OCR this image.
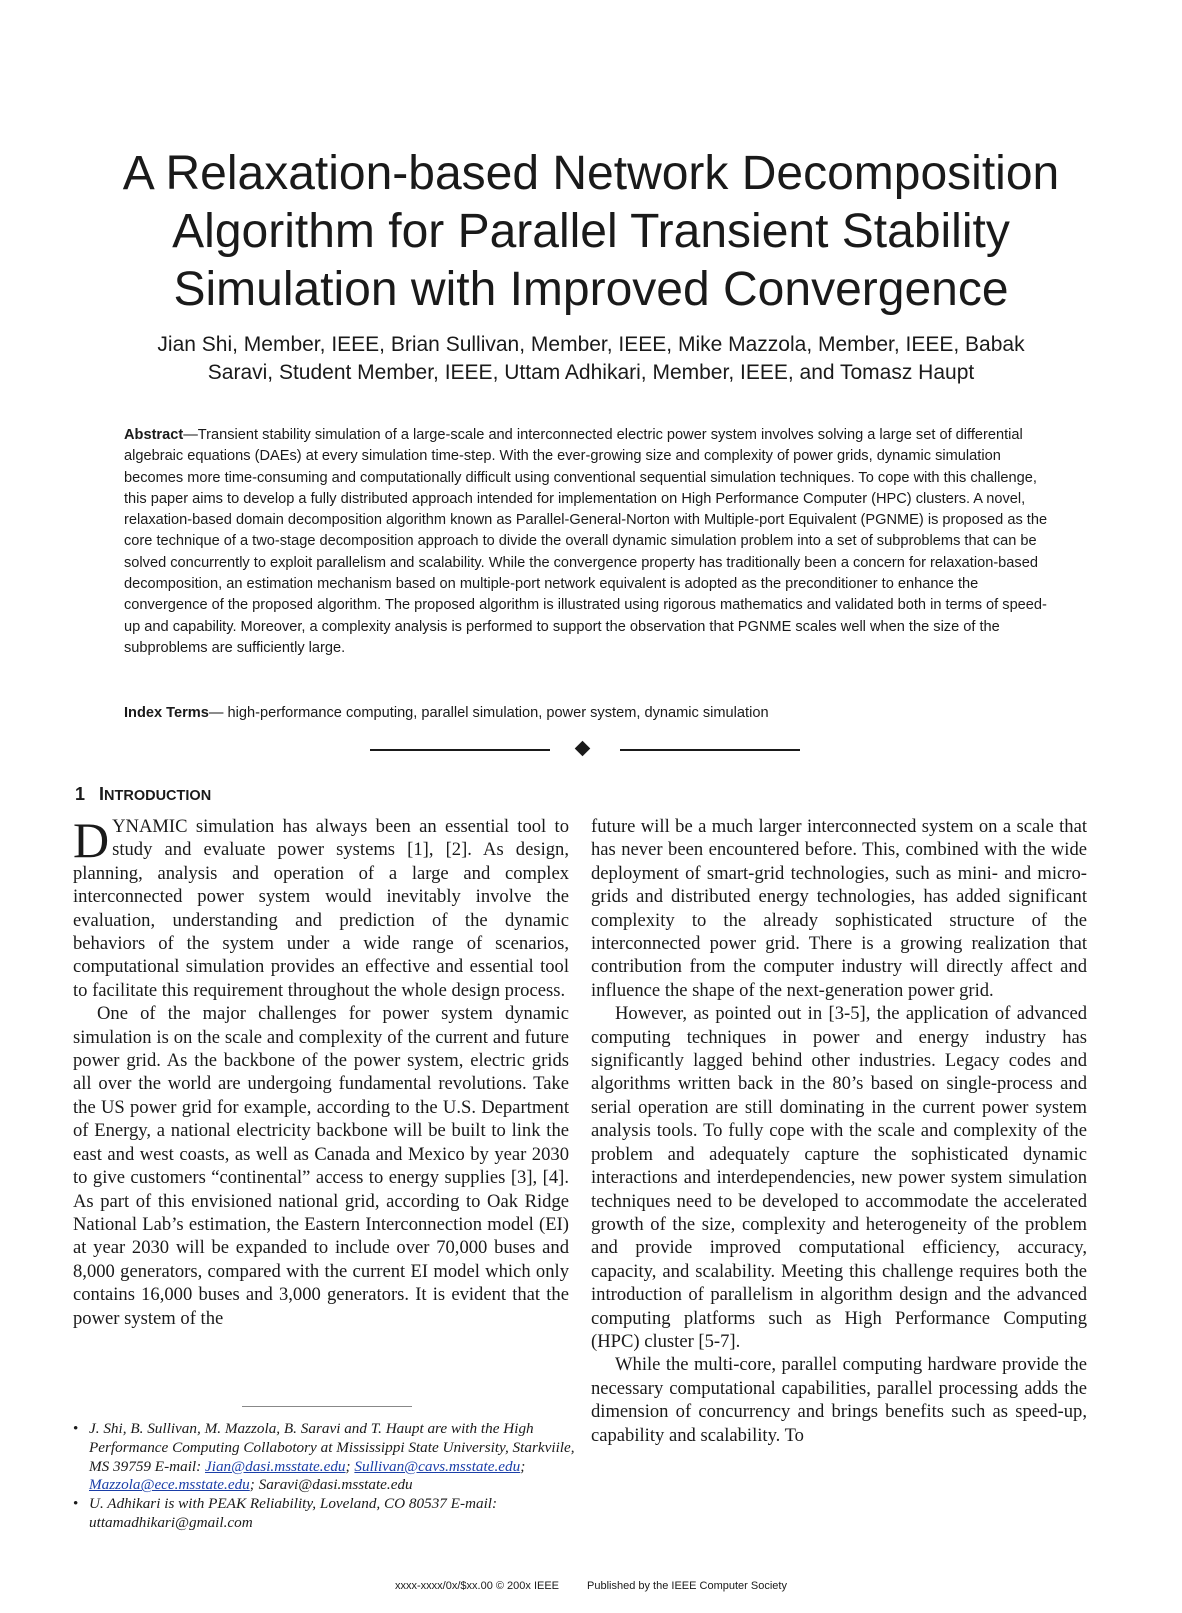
A Relaxation-based Network Decomposition
Algorithm for Parallel Transient Stability
Simulation with Improved Convergence
Jian Shi, Member, IEEE, Brian Sullivan, Member, IEEE, Mike Mazzola, Member, IEEE, Babak
Saravi, Student Member, IEEE, Uttam Adhikari, Member, IEEE, and Tomasz Haupt

Abstract—Transient stability simulation of a large-scale and interconnected electric power system involves solving a large set of differential algebraic equations (DAEs) at every simulation time-step. With the ever-growing size and complexity of power grids, dynamic simulation becomes more time-consuming and computationally difficult using conventional sequential simulation techniques. To cope with this challenge, this paper aims to develop a fully distributed approach intended for implementation on High Performance Computer (HPC) clusters. A novel, relaxation-based domain decomposition algorithm known as Parallel-General-Norton with Multiple-port Equivalent (PGNME) is proposed as the core technique of a two-stage decomposition approach to divide the overall dynamic simulation problem into a set of subproblems that can be solved concurrently to exploit parallelism and scalability. While the convergence property has traditionally been a concern for relaxation-based decomposition, an estimation mechanism based on multiple-port network equivalent is adopted as the preconditioner to enhance the convergence of the proposed algorithm. The proposed algorithm is illustrated using rigorous mathematics and validated both in terms of speed-up and capability. Moreover, a complexity analysis is performed to support the observation that PGNME scales well when the size of the subproblems are sufficiently large.

Index Terms— high-performance computing, parallel simulation, power system, dynamic simulation

1 INTRODUCTION

DYNAMIC simulation has always been an essential tool to study and evaluate power systems [1], [2]. As design, planning, analysis and operation of a large and complex interconnected power system would inevitably involve the evaluation, understanding and prediction of the dynamic behaviors of the system under a wide range of scenarios, computational simulation provides an effective and essential tool to facilitate this requirement throughout the whole design process.

One of the major challenges for power system dynamic simulation is on the scale and complexity of the current and future power grid. As the backbone of the power system, electric grids all over the world are undergoing fundamental revolutions. Take the US power grid for example, according to the U.S. Department of Energy, a national electricity backbone will be built to link the east and west coasts, as well as Canada and Mexico by year 2030 to give customers “continental” access to energy supplies [3], [4]. As part of this envisioned national grid, according to Oak Ridge National Lab’s estimation, the Eastern Interconnection model (EI) at year 2030 will be expanded to include over 70,000 buses and 8,000 generators, compared with the current EI model which only contains 16,000 buses and 3,000 generators. It is evident that the power system of the

future will be a much larger interconnected system on a scale that has never been encountered before. This, combined with the wide deployment of smart-grid technologies, such as mini- and micro-grids and distributed energy technologies, has added significant complexity to the already sophisticated structure of the interconnected power grid. There is a growing realization that contribution from the computer industry will directly affect and influence the shape of the next-generation power grid.

However, as pointed out in [3-5], the application of advanced computing techniques in power and energy industry has significantly lagged behind other industries. Legacy codes and algorithms written back in the 80’s based on single-process and serial operation are still dominating in the current power system analysis tools. To fully cope with the scale and complexity of the problem and adequately capture the sophisticated dynamic interactions and interdependencies, new power system simulation techniques need to be developed to accommodate the accelerated growth of the size, complexity and heterogeneity of the problem and provide improved computational efficiency, accuracy, capacity, and scalability. Meeting this challenge requires both the introduction of parallelism in algorithm design and the advanced computing platforms such as High Performance Computing (HPC) cluster [5-7].

While the multi-core, parallel computing hardware provide the necessary computational capabilities, parallel processing adds the dimension of concurrency and brings benefits such as speed-up, capability and scalability. To

• J. Shi, B. Sullivan, M. Mazzola, B. Saravi and T. Haupt are with the High Performance Computing Collabotory at Mississippi State University, Starkviile, MS 39759 E-mail: Jian@dasi.msstate.edu; Sullivan@cavs.msstate.edu; Mazzola@ece.msstate.edu; Saravi@dasi.msstate.edu

• U. Adhikari is with PEAK Reliability, Loveland, CO 80537 E-mail: uttamadhikari@gmail.com

xxxx-xxxx/0x/$xx.00 © 200x IEEE	Published by the IEEE Computer Society
